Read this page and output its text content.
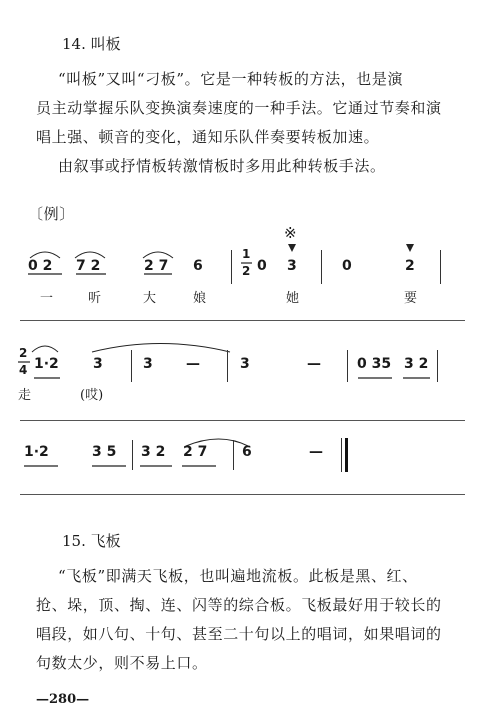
14. 叫板
“叫板”又叫“刁板”。它是一种转板的方法，也是演
员主动掌握乐队变换演奏速度的一种手法。它通过节奏和演
唱上强、顿音的变化，通知乐队伴奏要转板加速。
由叙事或抒情板转激情板时多用此种转板手法。
〔例〕
※
0 2 7 2	2 7 6
1
2 0 3	0	2
一	听	大	娘	她	要
2
4 1·2 3	3 —	3	—	0 35 3 2
走	(哎)
1·2	3 5 3 2 2 7 6	—
15. 飞板
“飞板”即满天飞板，也叫遍地流板。此板是黑、红、
抢、垛，顶、掏、连、闪等的综合板。飞板最好用于较长的
唱段，如八句、十句、甚至二十句以上的唱词，如果唱词的
句数太少，则不易上口。
—280—
